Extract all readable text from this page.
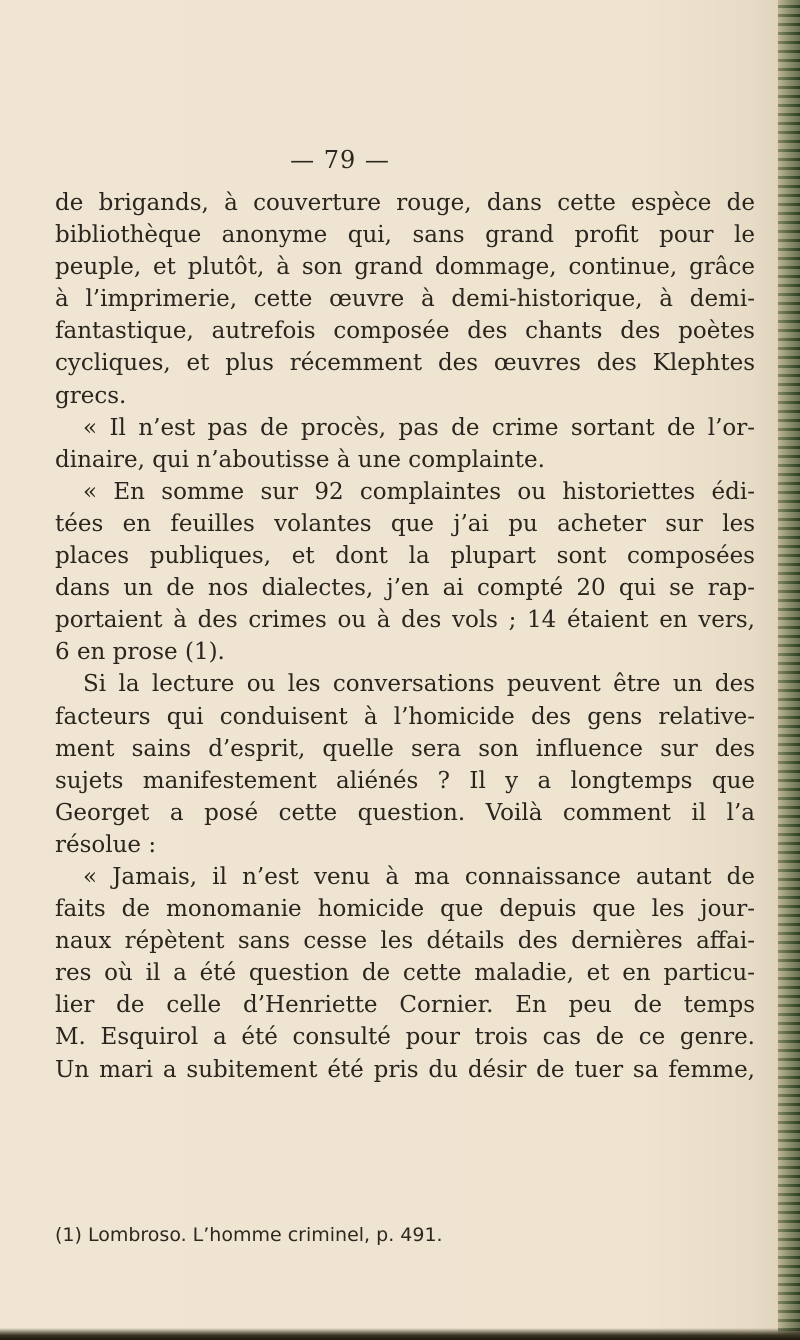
— 79 —
de brigands, à couverture rouge, dans cette espèce de
bibliothèque anonyme qui, sans grand profit pour le
peuple, et plutôt, à son grand dommage, continue, grâce
à l’imprimerie, cette œuvre à demi-historique, à demi-
fantastique, autrefois composée des chants des poètes
cycliques, et plus récemment des œuvres des Klephtes
grecs.
« Il n’est pas de procès, pas de crime sortant de l’or-
dinaire, qui n’aboutisse à une complainte.
« En somme sur 92 complaintes ou historiettes édi-
tées en feuilles volantes que j’ai pu acheter sur les
places publiques, et dont la plupart sont composées
dans un de nos dialectes, j’en ai compté 20 qui se rap-
portaient à des crimes ou à des vols ; 14 étaient en vers,
6 en prose (1).
Si la lecture ou les conversations peuvent être un des
facteurs qui conduisent à l’homicide des gens relative-
ment sains d’esprit, quelle sera son influence sur des
sujets manifestement aliénés ? Il y a longtemps que
Georget a posé cette question. Voilà comment il l’a
résolue :
« Jamais, il n’est venu à ma connaissance autant de
faits de monomanie homicide que depuis que les jour-
naux répètent sans cesse les détails des dernières affai-
res où il a été question de cette maladie, et en particu-
lier de celle d’Henriette Cornier. En peu de temps
M. Esquirol a été consulté pour trois cas de ce genre.
Un mari a subitement été pris du désir de tuer sa femme,
(1) Lombroso. L’homme criminel, p. 491.
